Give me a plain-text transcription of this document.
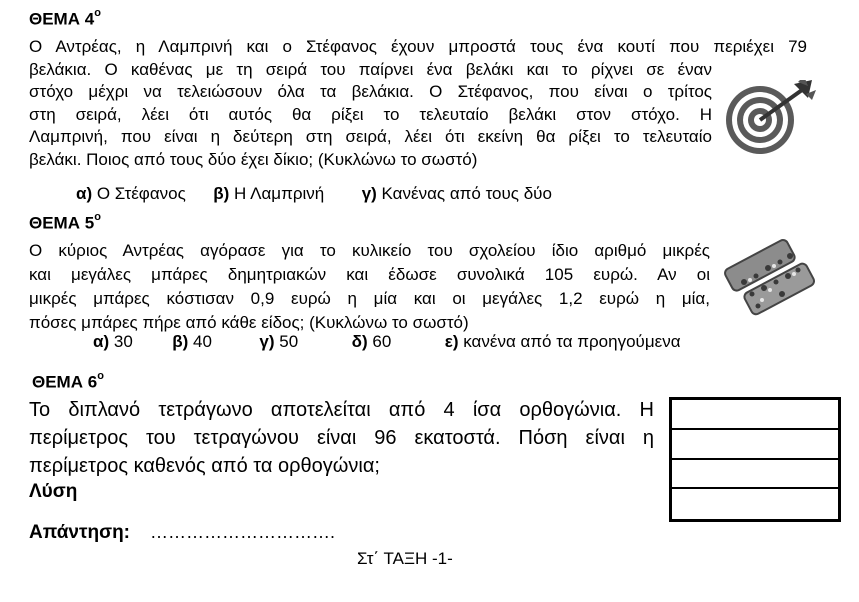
ΘΕΜΑ $4^o$
Ο Αντρέας, η Λαμπρινή και ο Στέφανος έχουν μπροστά τους ένα κουτί που περιέχει 79
βελάκια. Ο καθένας με τη σειρά του παίρνει ένα βελάκι και το ρίχνει σε έναν
στόχο μέχρι να τελειώσουν όλα τα βελάκια. Ο Στέφανος, που είναι ο τρίτος
στη σειρά, λέει ότι αυτός θα ρίξει το τελευταίο βελάκι στον στόχο. Η
Λαμπρινή, που είναι η δεύτερη στη σειρά, λέει ότι εκείνη θα ρίξει το τελευταίο
βελάκι. Ποιος από τους δύο έχει δίκιο; (Κυκλώνω το σωστό)
α) Ο Στέφανος β) Η Λαμπρινή γ) Κανένας από τους δύο
ΘΕΜΑ $5^o$
Ο κύριος Αντρέας αγόρασε για το κυλικείο του σχολείου ίδιο αριθμό μικρές
και μεγάλες μπάρες δημητριακών και έδωσε συνολικά 105 ευρώ. Αν οι
μικρές μπάρες κόστισαν 0,9 ευρώ η μία και οι μεγάλες 1,2 ευρώ η μία,
πόσες μπάρες πήρε από κάθε είδος; (Κυκλώνω το σωστό)
α) 30 β) 40	γ) 50	δ) 60	ε) κανένα από τα προηγούμενα
ΘΕΜΑ $6^o$
Το διπλανό τετράγωνο αποτελείται από 4 ίσα ορθογώνια. Η
περίμετρος του τετραγώνου είναι 96 εκατοστά. Πόση είναι η
περίμετρος καθενός από τα ορθογώνια;
Λύση
Απάντηση: ………………………….
Στ΄ ΤΑΞΗ -1-
